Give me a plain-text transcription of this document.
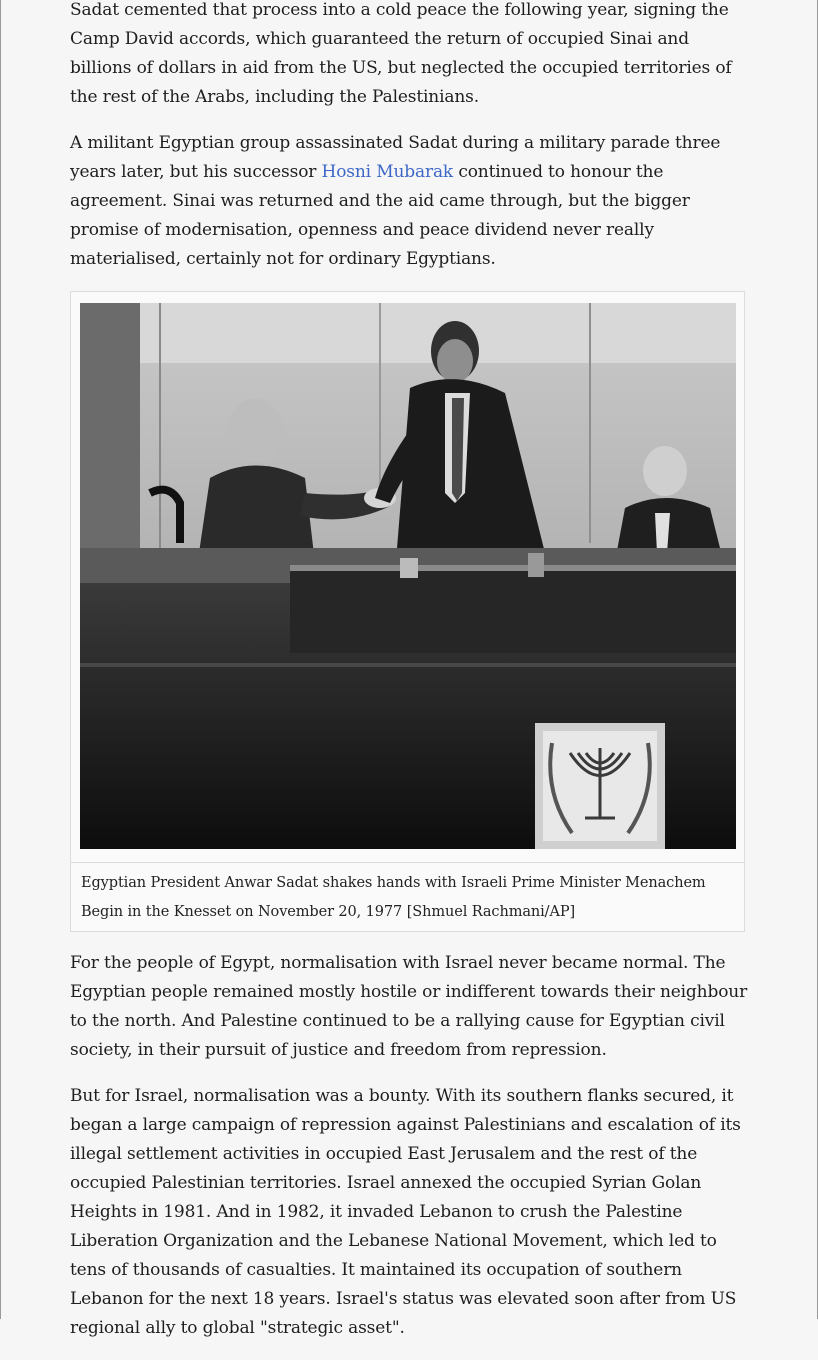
Sadat cemented that process into a cold peace the following year, signing the Camp David accords, which guaranteed the return of occupied Sinai and billions of dollars in aid from the US, but neglected the occupied territories of the rest of the Arabs, including the Palestinians.

A militant Egyptian group assassinated Sadat during a military parade three years later, but his successor Hosni Mubarak continued to honour the agreement. Sinai was returned and the aid came through, but the bigger promise of modernisation, openness and peace dividend never really materialised, certainly not for ordinary Egyptians.

Egyptian President Anwar Sadat shakes hands with Israeli Prime Minister Menachem Begin in the Knesset on November 20, 1977 [Shmuel Rachmani/AP]

For the people of Egypt, normalisation with Israel never became normal. The Egyptian people remained mostly hostile or indifferent towards their neighbour to the north. And Palestine continued to be a rallying cause for Egyptian civil society, in their pursuit of justice and freedom from repression.

But for Israel, normalisation was a bounty. With its southern flanks secured, it began a large campaign of repression against Palestinians and escalation of its illegal settlement activities in occupied East Jerusalem and the rest of the occupied Palestinian territories. Israel annexed the occupied Syrian Golan Heights in 1981. And in 1982, it invaded Lebanon to crush the Palestine Liberation Organization and the Lebanese National Movement, which led to tens of thousands of casualties. It maintained its occupation of southern Lebanon for the next 18 years. Israel's status was elevated soon after from US regional ally to global "strategic asset".
